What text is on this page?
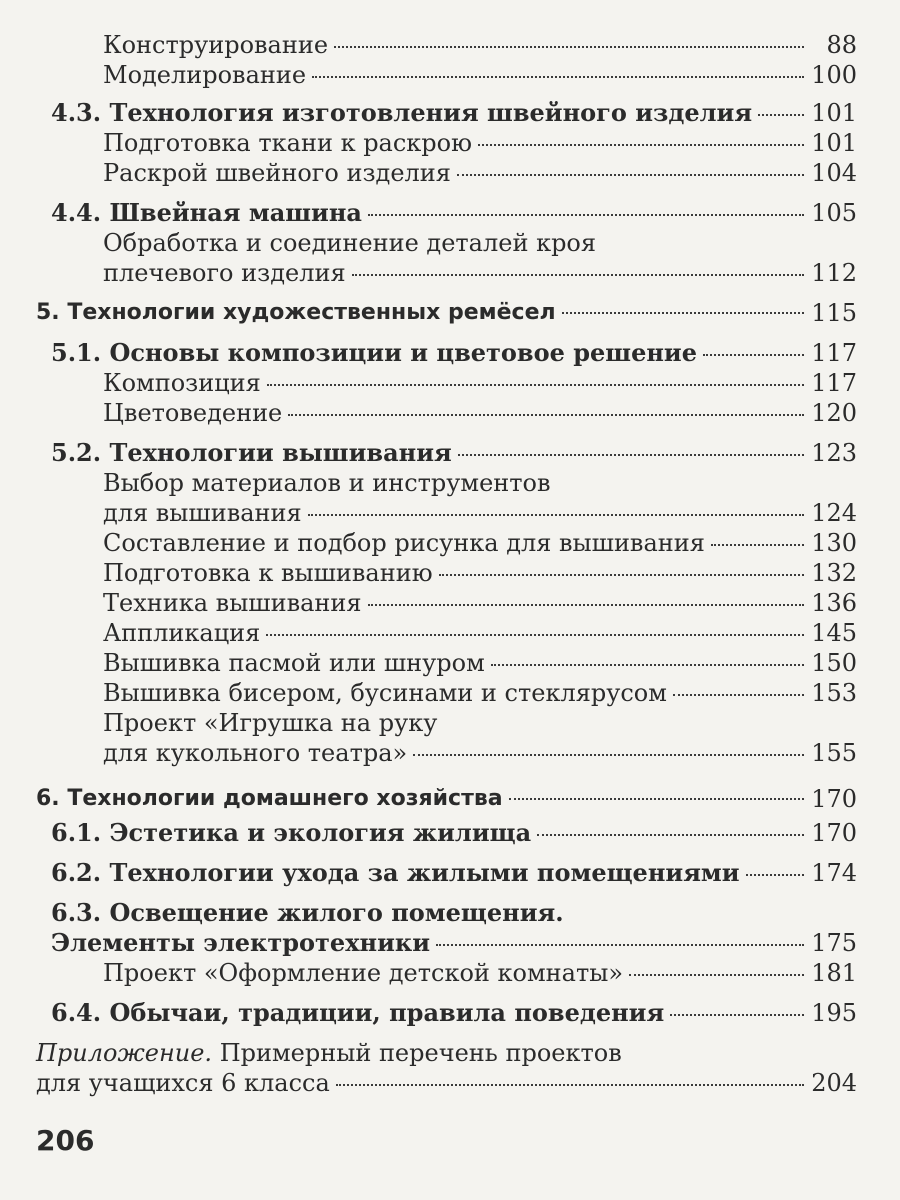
Конструирование	88
Моделирование	100
4.3. Технология изготовления швейного изделия 101
Подготовка ткани к раскрою	101
Раскрой швейного изделия	104
4.4. Швейная машина	105
Обработка и соединение деталей кроя
плечевого изделия	112
5. Технологии художественных ремёсел	115
5.1. Основы композиции и цветовое решение	117
Композиция	117
Цветоведение	120
5.2. Технологии вышивания	123
Выбор материалов и инструментов
для вышивания	124
Составление и подбор рисунка для вышивания	130
Подготовка к вышиванию	132
Техника вышивания	136
Аппликация	145
Вышивка пасмой или шнуром	150
Вышивка бисером, бусинами и стеклярусом	153
Проект «Игрушка на руку
для кукольного театра»	155
6. Технологии домашнего хозяйства	170
6.1. Эстетика и экология жилища	170
6.2. Технологии ухода за жилыми помещениями	174
6.3. Освещение жилого помещения.
Элементы электротехники	175
Проект «Оформление детской комнаты»	181
6.4. Обычаи, традиции, правила поведения	195
Приложение. Примерный перечень проектов
для учащихся 6 класса	204
206
